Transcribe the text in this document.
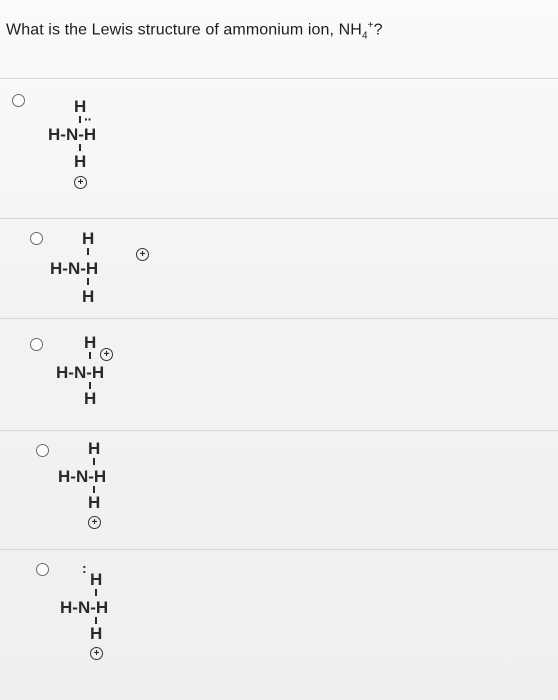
What is the Lewis structure of ammonium ion, $NH_4^+$?
H
··
H-N-H
H
+
H
H-N-H
+
H
H
+
H-N-H
H
H
H-N-H
H
+
:
H
H-N-H
H
+
